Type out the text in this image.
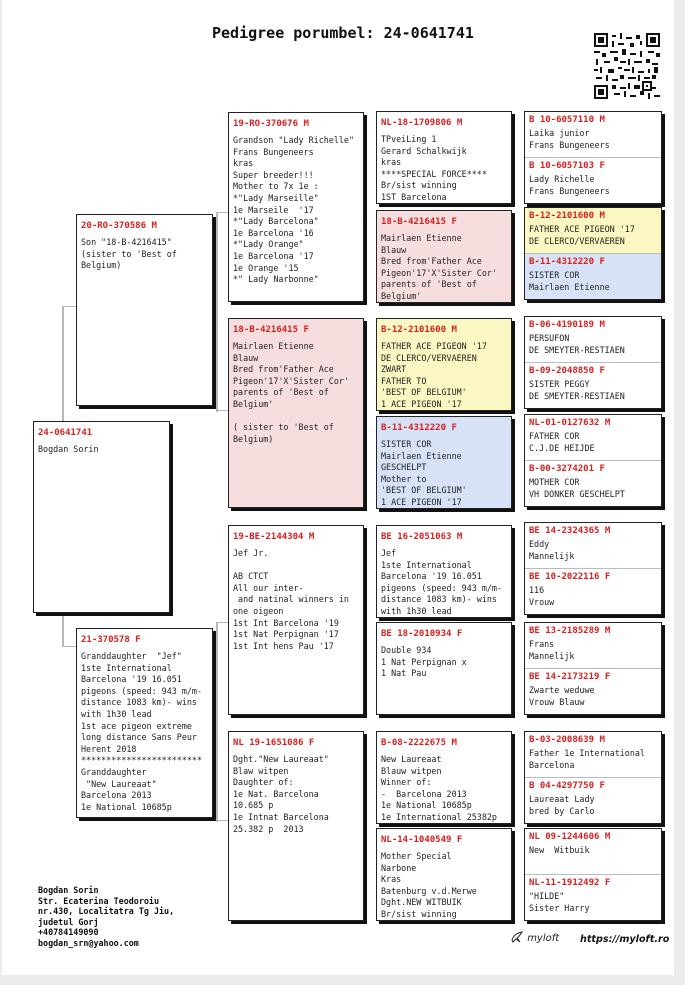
Pedigree porumbel: 24-0641741
24-0641741
Bogdan Sorin
20-RO-370586 M
Son "18-B-4216415"
(sister to 'Best of
Belgium)
21-370578 F
Granddaughter  "Jef"
1ste International
Barcelona '19 16.051
pigeons (speed: 943 m/m-
distance 1083 km)- wins
with 1h30 lead
1st ace pigeon extreme
long distance Sans Peur
Herent 2018
************************
Granddaughter
"New Laureaat"
Barcelona 2013
1e National 10685p
19-RO-370676 M
Grandson "Lady Richelle"
Frans Bungeneers
kras
Super breeder!!!
Mother to 7x 1e :
*"Lady Marseille"
1e Marseile  '17
*"Lady Barcelona"
1e Barcelona '16
*"Lady Orange"
1e Barcelona '17
1e Orange '15
*" Lady Narbonne"
18-B-4216415 F
Mairlaen Etienne
Blauw
Bred from'Father Ace
Pigeon'17'X'Sister Cor'
parents of 'Best of
Belgium'

( sister to 'Best of
Belgium)
19-BE-2144304 M
Jef Jr.

AB CTCT
All our inter-
and natinal winners in
one oigeon
1st Int Barcelona '19
1st Nat Perpignan '17
1st Int hens Pau '17
NL 19-1651086 F
Dght."New Laureaat"
Blaw witpen
Daughter of:
1e Nat. Barcelona
10.685 p
1e Intnat Barcelona
25.382 p  2013
NL-18-1709806 M
TPveiLing 1
Gerard Schalkwijk
kras
****SPECIAL FORCE****
Br/sist winning
1ST Barcelona
18-B-4216415 F
Mairlaen Etienne
Blauw
Bred from'Father Ace
Pigeon'17'X'Sister Cor'
parents of 'Best of
Belgium'
B-12-2101600 M
FATHER ACE PIGEON '17
DE CLERCO/VERVAEREN
ZWART
FATHER TO
'BEST OF BELGIUM'
1 ACE PIGEON '17
B-11-4312220 F
SISTER COR
Mairlaen Etienne
GESCHELPT
Mother to
'BEST OF BELGIUM'
1 ACE PIGEON '17
BE 16-2051063 M
Jef
1ste International
Barcelona '19 16.051
pigeons (speed: 943 m/m-
distance 1083 km)- wins
with 1h30 lead
BE 18-2010934 F
Double 934
1 Nat Perpignan x
1 Nat Pau
B-08-2222675 M
New Laureaat
Blauw witpen
Winner of:
-  Barcelona 2013
1e National 10685p
1e International 25382p
NL-14-1040549 F
Mother Special
Narbone
Kras
Batenburg v.d.Merwe
Dght.NEW WITBUIK
Br/sist winning
B 10-6057110 M
Laika junior
Frans Bungeneers
B 10-6057103 F
Lady Richelle
Frans Bungeneers
B-12-2101600 M
FATHER ACE PIGEON '17
DE CLERCO/VERVAEREN
B-11-4312220 F
SISTER COR
Mairlaen Etienne
B-06-4190189 M
PERSUFON
DE SMEYTER-RESTIAEN
B-09-2048850 F
SISTER PEGGY
DE SMEYTER-RESTIAEN
NL-01-0127632 M
FATHER COR
C.J.DE HEIJDE
B-00-3274201 F
MOTHER COR
VH DONKER GESCHELPT
BE 14-2324365 M
Eddy
Mannelijk
BE 10-2022116 F
116
Vrouw
BE 13-2185289 M
Frans
Mannelijk
BE 14-2173219 F
Zwarte weduwe
Vrouw Blauw
B-03-2008639 M
Father 1e International
Barcelona
B 04-4297750 F
Laureaat Lady
bred by Carlo
NL 09-1244606 M
New  Witbuik
NL-11-1912492 F
"HILDE"
Sister Harry
Bogdan Sorin
Str. Ecaterina Teodoroiu
nr.430, Localitatra Tg Jiu,
judetul Gorj
+40784149090
bogdan_srn@yahoo.com	myloft https://myloft.ro
